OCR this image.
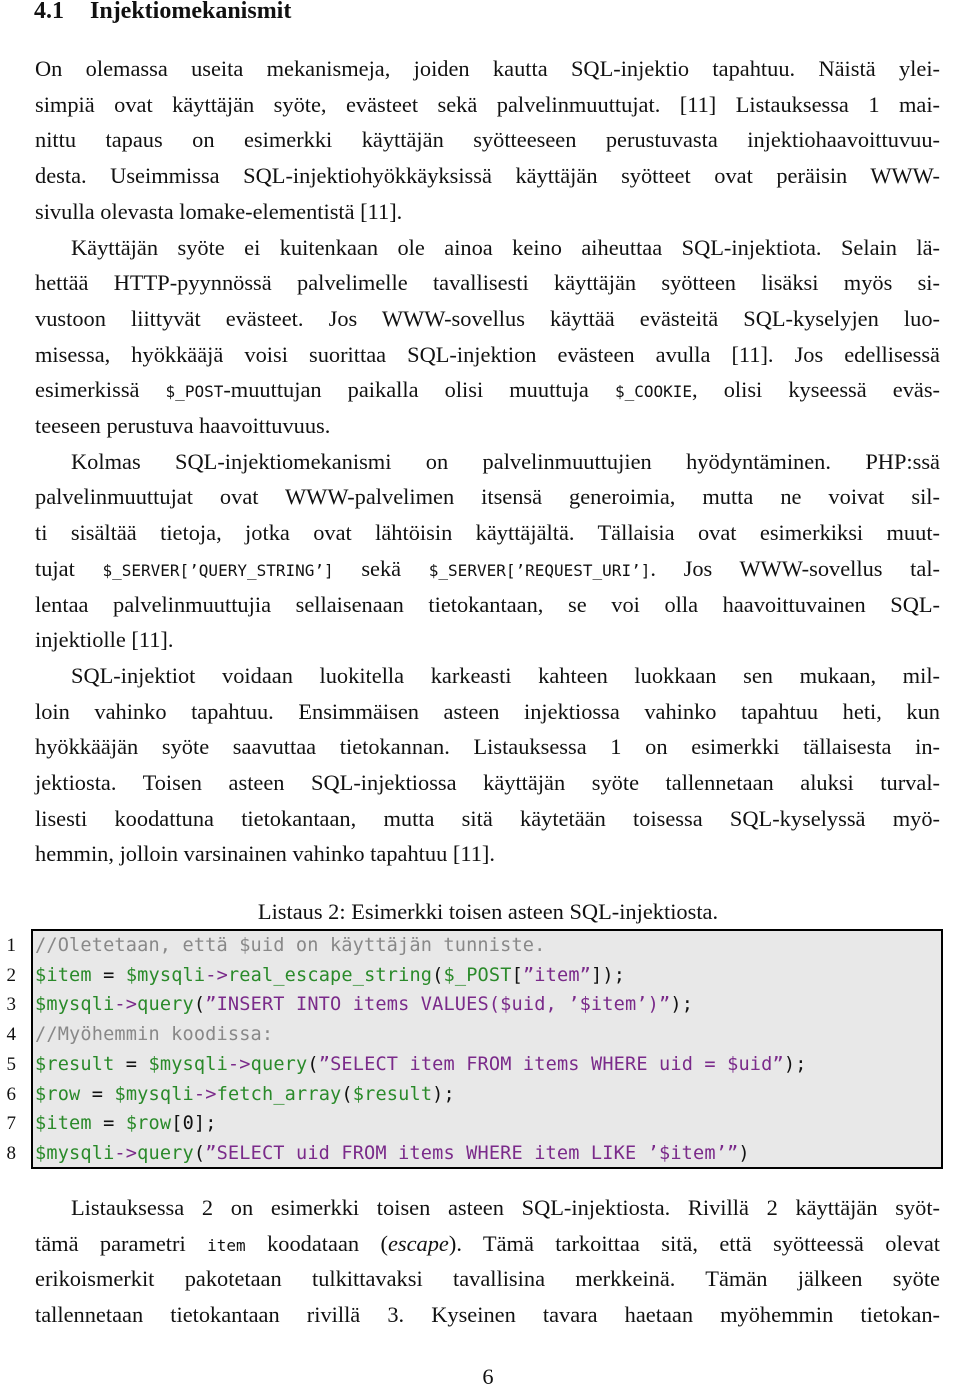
4.1 Injektiomekanismit
On olemassa useita mekanismeja, joiden kautta SQL-injektio tapahtuu. Näistä ylei-
simpiä ovat käyttäjän syöte, evästeet sekä palvelinmuuttujat. [11] Listauksessa 1 mai-
nittu tapaus on esimerkki käyttäjän syötteeseen perustuvasta injektiohaavoittuvuu-
desta. Useimmissa SQL-injektiohyökkäyksissä käyttäjän syötteet ovat peräisin WWW-
sivulla olevasta lomake-elementistä [11].
Käyttäjän syöte ei kuitenkaan ole ainoa keino aiheuttaa SQL-injektiota. Selain lä-
hettää HTTP-pyynnössä palvelimelle tavallisesti käyttäjän syötteen lisäksi myös si-
vustoon liittyvät evästeet. Jos WWW-sovellus käyttää evästeitä SQL-kyselyjen luo-
misessa, hyökkääjä voisi suorittaa SQL-injektion evästeen avulla [11]. Jos edellisessä
esimerkissä $_POST-muuttujan paikalla olisi muuttuja $_COOKIE, olisi kyseessä eväs-
teeseen perustuva haavoittuvuus.
Kolmas SQL-injektiomekanismi on palvelinmuuttujien hyödyntäminen. PHP:ssä
palvelinmuuttujat ovat WWW-palvelimen itsensä generoimia, mutta ne voivat sil-
ti sisältää tietoja, jotka ovat lähtöisin käyttäjältä. Tällaisia ovat esimerkiksi muut-
tujat $_SERVER[’QUERY_STRING’] sekä $_SERVER[’REQUEST_URI’]. Jos WWW-sovellus tal-
lentaa palvelinmuuttujia sellaisenaan tietokantaan, se voi olla haavoittuvainen SQL-
injektiolle [11].
SQL-injektiot voidaan luokitella karkeasti kahteen luokkaan sen mukaan, mil-
loin vahinko tapahtuu. Ensimmäisen asteen injektiossa vahinko tapahtuu heti, kun
hyökkääjän syöte saavuttaa tietokannan. Listauksessa 1 on esimerkki tällaisesta in-
jektiosta. Toisen asteen SQL-injektiossa käyttäjän syöte tallennetaan aluksi turval-
lisesti koodattuna tietokantaan, mutta sitä käytetään toisessa SQL-kyselyssä myö-
hemmin, jolloin varsinainen vahinko tapahtuu [11].
Listaus 2: Esimerkki toisen asteen SQL-injektiosta.
1 //Oletetaan, että $uid on käyttäjän tunniste.
2 $item = $mysqli->real_escape_string($_POST[”item”]);
3 $mysqli->query(”INSERT INTO items VALUES($uid, ’$item’)”);
4 //Myöhemmin koodissa:
5 $result = $mysqli->query(”SELECT item FROM items WHERE uid = $uid”);
6 $row = $mysqli->fetch_array($result);
7 $item = $row[0];
8 $mysqli->query(”SELECT uid FROM items WHERE item LIKE ’$item’”)
Listauksessa 2 on esimerkki toisen asteen SQL-injektiosta. Rivillä 2 käyttäjän syöt-
tämä parametri item koodataan (escape). Tämä tarkoittaa sitä, että syötteessä olevat
erikoismerkit pakotetaan tulkittavaksi tavallisina merkkeinä. Tämän jälkeen syöte
tallennetaan tietokantaan rivillä 3. Kyseinen tavara haetaan myöhemmin tietokan-
6
